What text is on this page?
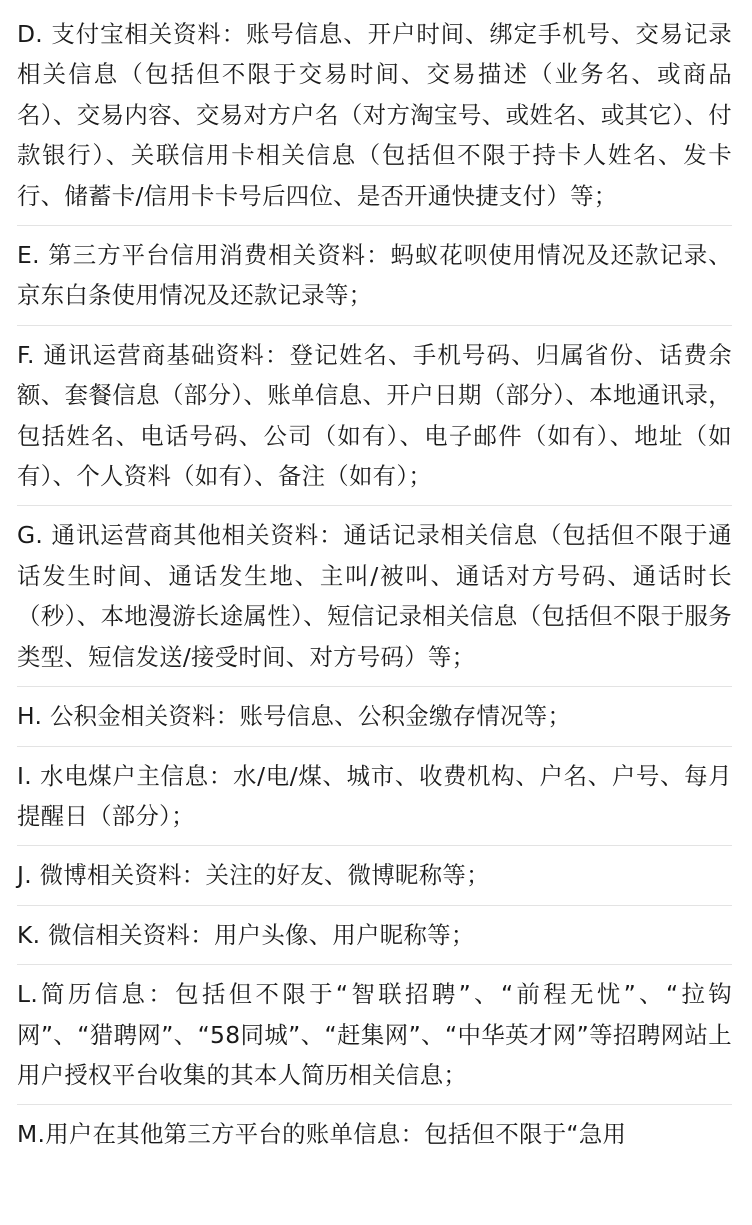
D. 支付宝相关资料：账号信息、开户时间、绑定手机号、交易记录相关信息（包括但不限于交易时间、交易描述（业务名、或商品名）、交易内容、交易对方户名（对方淘宝号、或姓名、或其它）、付款银行）、关联信用卡相关信息（包括但不限于持卡人姓名、发卡行、储蓄卡/信用卡卡号后四位、是否开通快捷支付）等；

E. 第三方平台信用消费相关资料：蚂蚁花呗使用情况及还款记录、京东白条使用情况及还款记录等；

F. 通讯运营商基础资料：登记姓名、手机号码、归属省份、话费余额、套餐信息（部分）、账单信息、开户日期（部分）、本地通讯录，包括姓名、电话号码、公司（如有）、电子邮件（如有）、地址（如有）、个人资料（如有）、备注（如有）；

G. 通讯运营商其他相关资料：通话记录相关信息（包括但不限于通话发生时间、通话发生地、主叫/被叫、通话对方号码、通话时长（秒）、本地漫游长途属性）、短信记录相关信息（包括但不限于服务类型、短信发送/接受时间、对方号码）等；

H. 公积金相关资料：账号信息、公积金缴存情况等；

I. 水电煤户主信息：水/电/煤、城市、收费机构、户名、户号、每月提醒日（部分）；

J. 微博相关资料：关注的好友、微博昵称等；

K. 微信相关资料：用户头像、用户昵称等；

L.简历信息：包括但不限于“智联招聘”、“前程无忧”、“拉钩网”、“猎聘网”、“58同城”、“赶集网”、“中华英才网”等招聘网站上用户授权平台收集的其本人简历相关信息；

M.用户在其他第三方平台的账单信息：包括但不限于“急用
